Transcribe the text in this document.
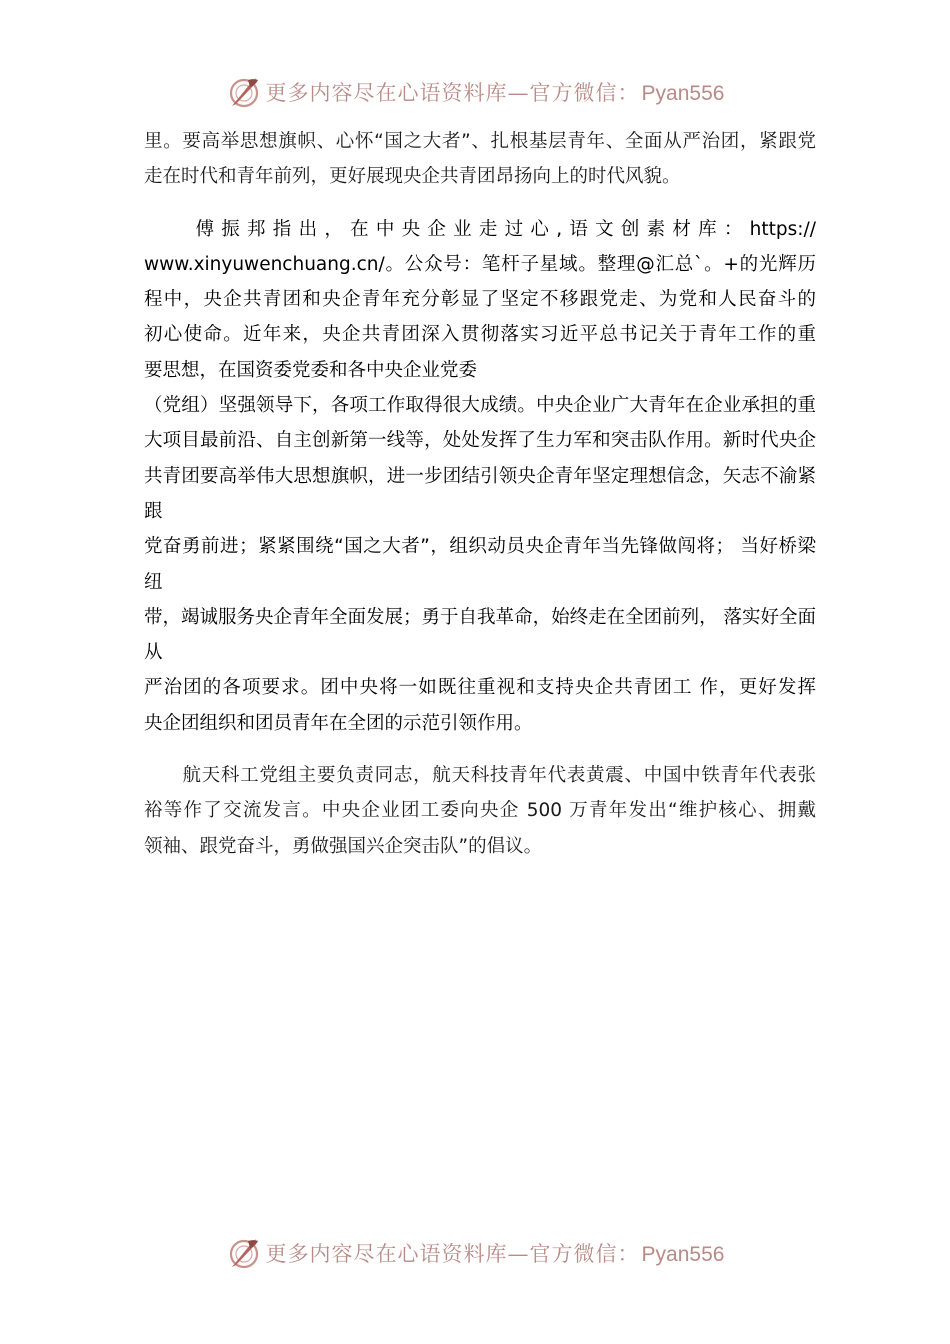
更多内容尽在心语资料库—官方微信：Pyan556

里。要高举思想旗帜、心怀“国之大者”、扎根基层青年、全面从严治团，紧跟党
走在时代和青年前列，更好展现央企共青团昂扬向上的时代风貌。

　　傅振邦指出，在中央企业走过心,语文创素材库：https://
www.xinyuwenchuang.cn/。公众号：笔杆子星域。整理@汇总`。+的光辉历
程中，央企共青团和央企青年充分彰显了坚定不移跟党走、为党和人民奋斗的
初心使命。近年来，央企共青团深入贯彻落实习近平总书记关于青年工作的重
要思想，在国资委党委和各中央企业党委
（党组）坚强领导下，各项工作取得很大成绩。中央企业广大青年在企业承担的重
大项目最前沿、自主创新第一线等，处处发挥了生力军和突击队作用。新时代央企
共青团要高举伟大思想旗帜，进一步团结引领央企青年坚定理想信念，矢志不渝紧跟
党奋勇前进；紧紧围绕“国之大者”，组织动员央企青年当先锋做闯将； 当好桥梁纽
带，竭诚服务央企青年全面发展；勇于自我革命，始终走在全团前列， 落实好全面从
严治团的各项要求。团中央将一如既往重视和支持央企共青团工 作，更好发挥
央企团组织和团员青年在全团的示范引领作用。

　　航天科工党组主要负责同志，航天科技青年代表黄震、中国中铁青年代表张
裕等作了交流发言。中央企业团工委向央企 500 万青年发出“维护核心、拥戴
领袖、跟党奋斗，勇做强国兴企突击队”的倡议。

更多内容尽在心语资料库—官方微信：Pyan556
